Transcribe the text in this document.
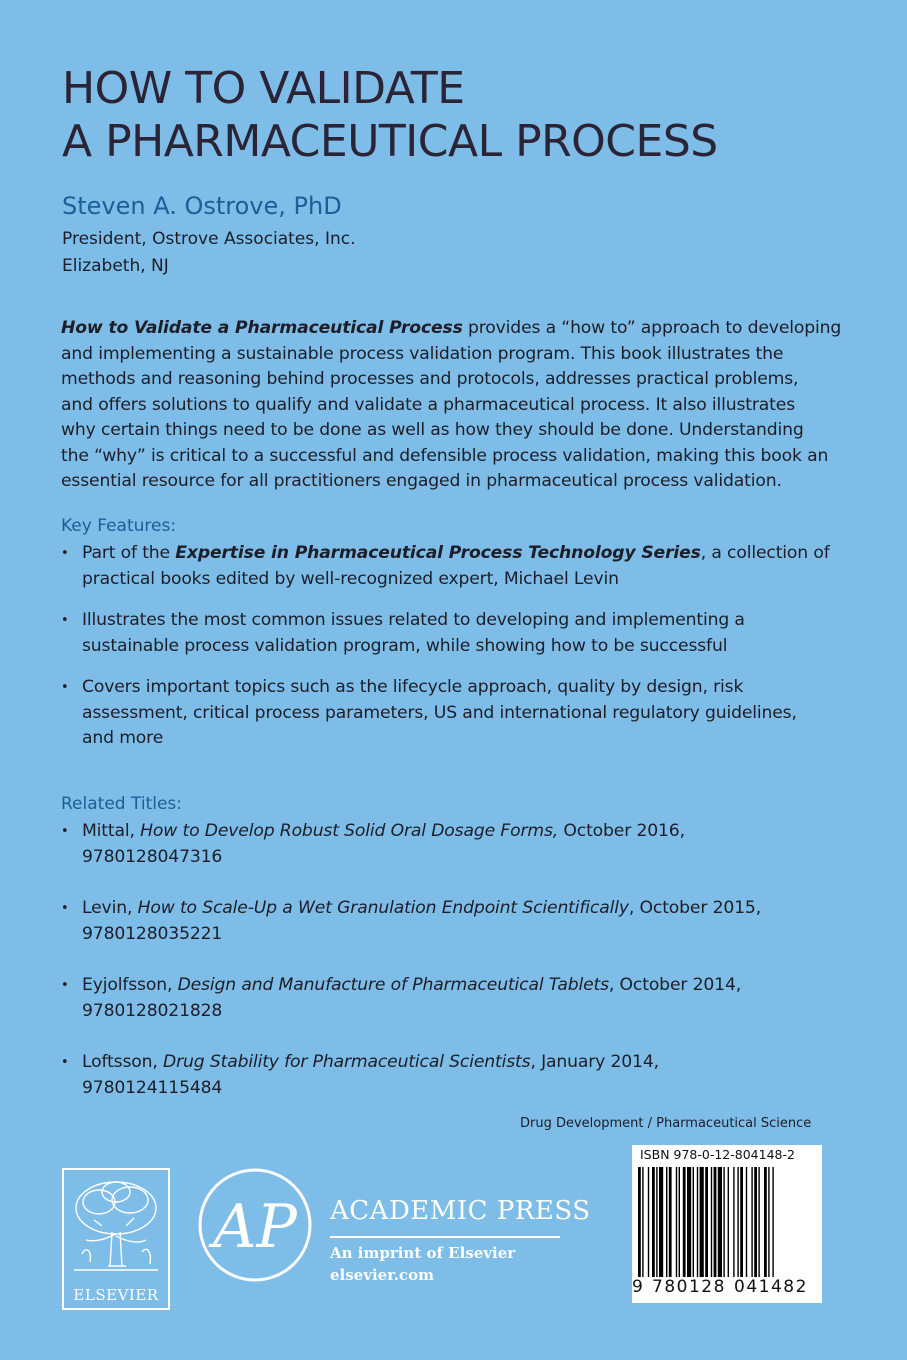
HOW TO VALIDATE
A PHARMACEUTICAL PROCESS
Steven A. Ostrove, PhD
President, Ostrove Associates, Inc.
Elizabeth, NJ
How to Validate a Pharmaceutical Process provides a “how to” approach to developing
and implementing a sustainable process validation program. This book illustrates the
methods and reasoning behind processes and protocols, addresses practical problems,
and offers solutions to qualify and validate a pharmaceutical process. It also illustrates
why certain things need to be done as well as how they should be done. Understanding
the “why” is critical to a successful and defensible process validation, making this book an
essential resource for all practitioners engaged in pharmaceutical process validation.
Key Features:
• Part of the Expertise in Pharmaceutical Process Technology Series, a collection of
practical books edited by well-recognized expert, Michael Levin
• Illustrates the most common issues related to developing and implementing a
sustainable process validation program, while showing how to be successful
• Covers important topics such as the lifecycle approach, quality by design, risk
assessment, critical process parameters, US and international regulatory guidelines,
and more
Related Titles:
• Mittal, How to Develop Robust Solid Oral Dosage Forms, October 2016,
9780128047316
• Levin, How to Scale-Up a Wet Granulation Endpoint Scientifically, October 2015,
9780128035221
• Eyjolfsson, Design and Manufacture of Pharmaceutical Tablets, October 2014,
9780128021828
• Loftsson, Drug Stability for Pharmaceutical Scientists, January 2014,
9780124115484
Drug Development / Pharmaceutical Science
ISBN 978-0-12-804148-2
9 780128 041482
ELSEVIER
AP ACADEMIC PRESS
An imprint of Elsevier
elsevier.com
